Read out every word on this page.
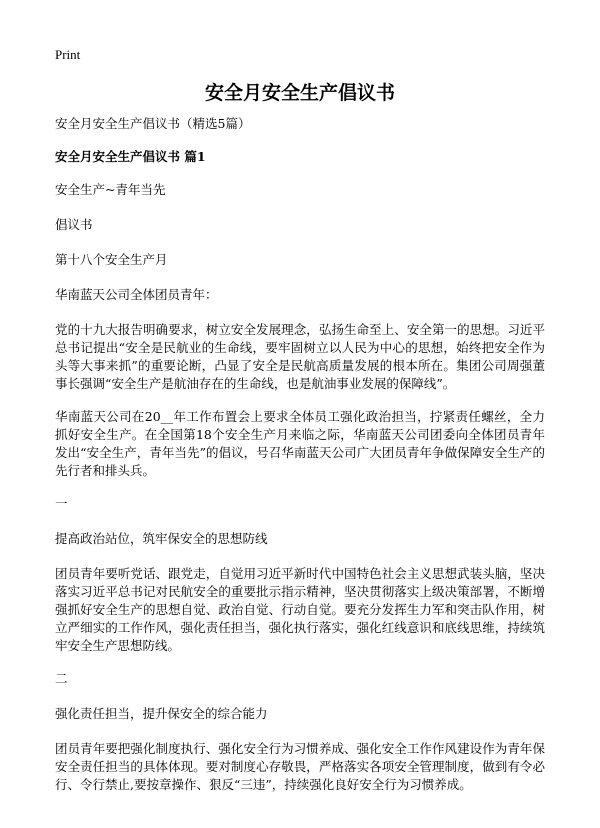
Print
安全月安全生产倡议书

安全月安全生产倡议书（精选5篇）

安全月安全生产倡议书 篇1

安全生产~青年当先

倡议书

第十八个安全生产月

华南蓝天公司全体团员青年：

党的十九大报告明确要求，树立安全发展理念，弘扬生命至上、安全第一的思想。习近平总书记提出“安全是民航业的生命线，要牢固树立以人民为中心的思想，始终把安全作为头等大事来抓”的重要论断，凸显了安全是民航高质量发展的根本所在。集团公司周强董事长强调“安全生产是航油存在的生命线，也是航油事业发展的保障线”。

华南蓝天公司在20__年工作布置会上要求全体员工强化政治担当，拧紧责任螺丝，全力抓好安全生产。在全国第18个安全生产月来临之际，华南蓝天公司团委向全体团员青年发出“安全生产，青年当先”的倡议，号召华南蓝天公司广大团员青年争做保障安全生产的先行者和排头兵。

一

提高政治站位，筑牢保安全的思想防线

团员青年要听党话、跟党走，自觉用习近平新时代中国特色社会主义思想武装头脑，坚决落实习近平总书记对民航安全的重要批示指示精神，坚决贯彻落实上级决策部署，不断增强抓好安全生产的思想自觉、政治自觉、行动自觉。要充分发挥生力军和突击队作用，树立严细实的工作作风，强化责任担当，强化执行落实，强化红线意识和底线思维，持续筑牢安全生产思想防线。

二

强化责任担当，提升保安全的综合能力

团员青年要把强化制度执行、强化安全行为习惯养成、强化安全工作作风建设作为青年保安全责任担当的具体体现。要对制度心存敬畏，严格落实各项安全管理制度，做到有令必行、令行禁止,要按章操作、狠反“三违”，持续强化良好安全行为习惯养成。
